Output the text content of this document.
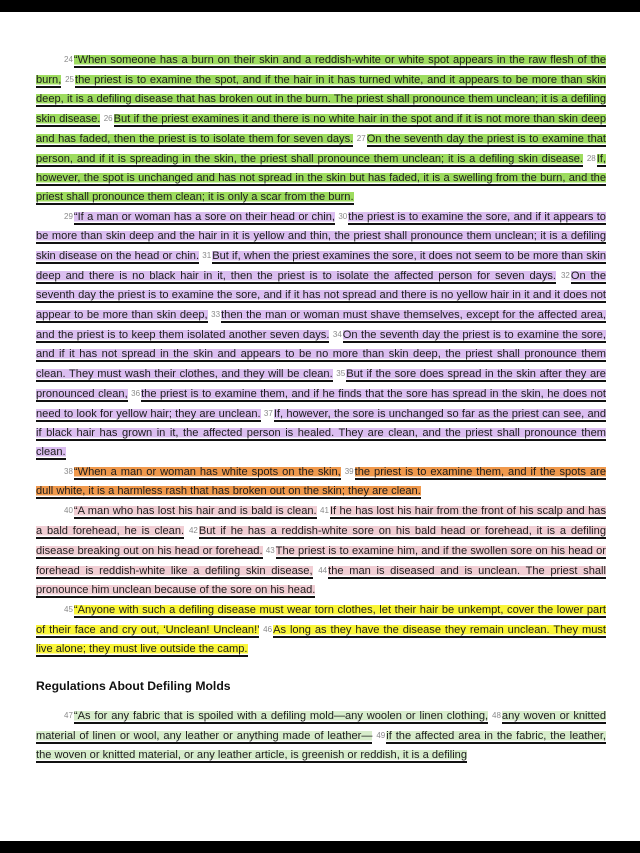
24“When someone has a burn on their skin and a reddish-white or white spot appears in the raw flesh of the burn, 25the priest is to examine the spot, and if the hair in it has turned white, and it appears to be more than skin deep, it is a defiling disease that has broken out in the burn. The priest shall pronounce them unclean; it is a defiling skin disease. 26But if the priest examines it and there is no white hair in the spot and if it is not more than skin deep and has faded, then the priest is to isolate them for seven days. 27On the seventh day the priest is to examine that person, and if it is spreading in the skin, the priest shall pronounce them unclean; it is a defiling skin disease. 28If, however, the spot is unchanged and has not spread in the skin but has faded, it is a swelling from the burn, and the priest shall pronounce them clean; it is only a scar from the burn.

29“If a man or woman has a sore on their head or chin, 30the priest is to examine the sore, and if it appears to be more than skin deep and the hair in it is yellow and thin, the priest shall pronounce them unclean; it is a defiling skin disease on the head or chin. 31But if, when the priest examines the sore, it does not seem to be more than skin deep and there is no black hair in it, then the priest is to isolate the affected person for seven days. 32On the seventh day the priest is to examine the sore, and if it has not spread and there is no yellow hair in it and it does not appear to be more than skin deep, 33then the man or woman must shave themselves, except for the affected area, and the priest is to keep them isolated another seven days. 34On the seventh day the priest is to examine the sore, and if it has not spread in the skin and appears to be no more than skin deep, the priest shall pronounce them clean. They must wash their clothes, and they will be clean. 35But if the sore does spread in the skin after they are pronounced clean, 36the priest is to examine them, and if he finds that the sore has spread in the skin, he does not need to look for yellow hair; they are unclean. 37If, however, the sore is unchanged so far as the priest can see, and if black hair has grown in it, the affected person is healed. They are clean, and the priest shall pronounce them clean.

38“When a man or woman has white spots on the skin, 39the priest is to examine them, and if the spots are dull white, it is a harmless rash that has broken out on the skin; they are clean.

40“A man who has lost his hair and is bald is clean. 41If he has lost his hair from the front of his scalp and has a bald forehead, he is clean. 42But if he has a reddish-white sore on his bald head or forehead, it is a defiling disease breaking out on his head or forehead. 43The priest is to examine him, and if the swollen sore on his head or forehead is reddish-white like a defiling skin disease, 44the man is diseased and is unclean. The priest shall pronounce him unclean because of the sore on his head.

45“Anyone with such a defiling disease must wear torn clothes, let their hair be unkempt, cover the lower part of their face and cry out, ‘Unclean! Unclean!’ 46As long as they have the disease they remain unclean. They must live alone; they must live outside the camp.

Regulations About Defiling Molds

47“As for any fabric that is spoiled with a defiling mold—any woolen or linen clothing, 48any woven or knitted material of linen or wool, any leather or anything made of leather— 49if the affected area in the fabric, the leather, the woven or knitted material, or any leather article, is greenish or reddish, it is a defiling
